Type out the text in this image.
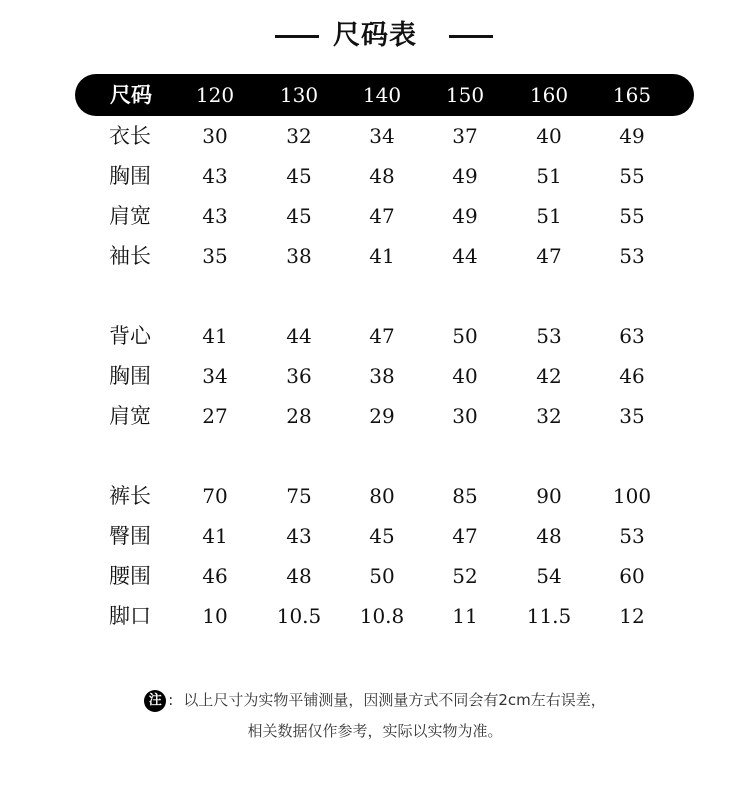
尺码表
尺码	120	130	140	150	160	165
衣长	30	32	34	37	40	49
胸围	43	45	48	49	51	55
肩宽	43	45	47	49	51	55
袖长	35	38	41	44	47	53
背心	41	44	47	50	53	63
胸围	34	36	38	40	42	46
肩宽	27	28	29	30	32	35
裤长	70	75	80	85	90	100
臀围	41	43	45	47	48	53
腰围	46	48	50	52	54	60
脚口	10	10.5	10.8	11	11.5	12
注 : 以上尺寸为实物平铺测量，因测量方式不同会有2cm左右误差，
相关数据仅作参考，实际以实物为准。
